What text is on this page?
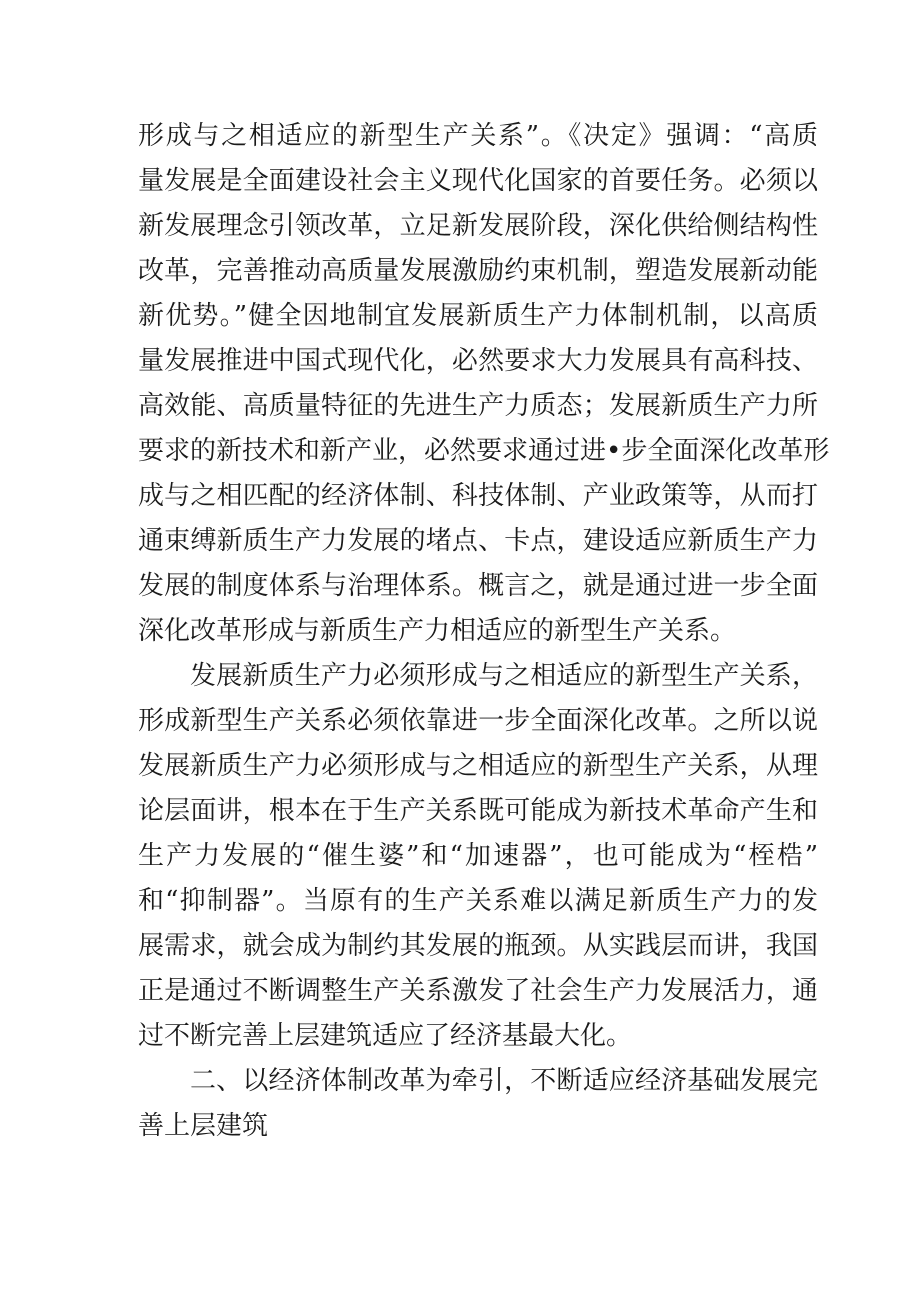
形成与之相适应的新型生产关系”。《决定》强调：“高质
量发展是全面建设社会主义现代化国家的首要任务。必须以
新发展理念引领改革，立足新发展阶段，深化供给侧结构性
改革，完善推动高质量发展激励约束机制，塑造发展新动能
新优势。”健全因地制宜发展新质生产力体制机制，以高质
量发展推进中国式现代化，必然要求大力发展具有高科技、
高效能、高质量特征的先进生产力质态；发展新质生产力所
要求的新技术和新产业，必然要求通过进•步全面深化改革形
成与之相匹配的经济体制、科技体制、产业政策等，从而打
通束缚新质生产力发展的堵点、卡点，建设适应新质生产力
发展的制度体系与治理体系。概言之，就是通过进一步全面
深化改革形成与新质生产力相适应的新型生产关系。
发展新质生产力必须形成与之相适应的新型生产关系，
形成新型生产关系必须依靠进一步全面深化改革。之所以说
发展新质生产力必须形成与之相适应的新型生产关系，从理
论层面讲，根本在于生产关系既可能成为新技术革命产生和
生产力发展的“催生婆”和“加速器”，也可能成为“桎梏”
和“抑制器”。当原有的生产关系难以满足新质生产力的发
展需求，就会成为制约其发展的瓶颈。从实践层而讲，我国
正是通过不断调整生产关系激发了社会生产力发展活力，通
过不断完善上层建筑适应了经济基最大化。
二、以经济体制改革为牵引，不断适应经济基础发展完
善上层建筑
